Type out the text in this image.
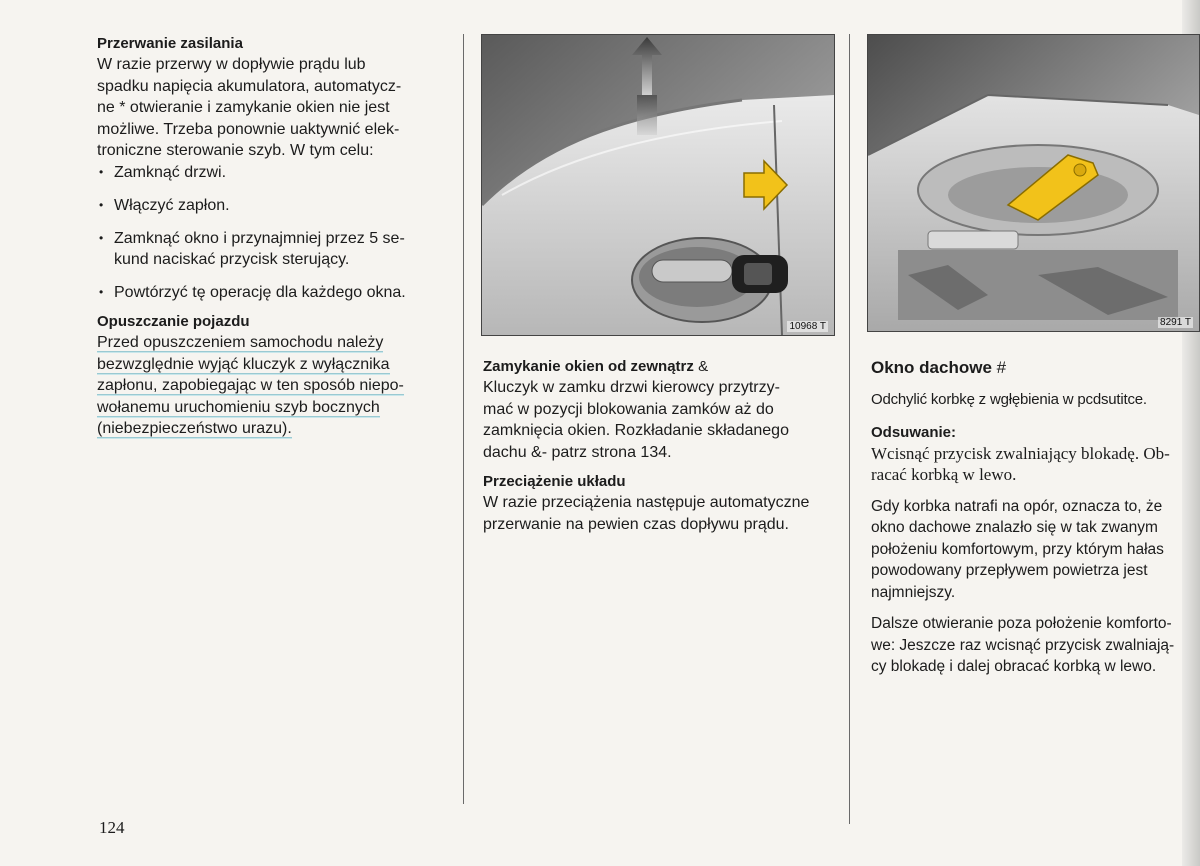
Przerwanie zasilania
W razie przerwy w dopływie prądu lub
spadku napięcia akumulatora, automatycz-
ne * otwieranie i zamykanie okien nie jest
możliwe. Trzeba ponownie uaktywnić elek-
troniczne sterowanie szyb. W tym celu:
• Zamknąć drzwi.
• Włączyć zapłon.
• Zamknąć okno i przynajmniej przez 5 se-
kund naciskać przycisk sterujący.
• Powtórzyć tę operację dla każdego okna.
Opuszczanie pojazdu
Przed opuszczeniem samochodu należy
bezwzględnie wyjąć kluczyk z wyłącznika
zapłonu, zapobiegając w ten sposób niepo-
wołanemu uruchomieniu szyb bocznych
(niebezpieczeństwo urazu).
10968 T	8291 T
Zamykanie okien od zewnątrz &
Kluczyk w zamku drzwi kierowcy przytrzy-
mać w pozycji blokowania zamków aż do
zamknięcia okien. Rozkładanie składanego
dachu &- patrz strona 134.
Przeciążenie układu
W razie przeciążenia następuje automatyczne
przerwanie na pewien czas dopływu prądu.
Okno dachowe #
Odchylić korbkę z wgłębienia w pcdsutitce.
Odsuwanie:
Wcisnąć przycisk zwalniający blokadę. Ob-
racać korbką w lewo.
Gdy korbka natrafi na opór, oznacza to, że
okno dachowe znalazło się w tak zwanym
położeniu komfortowym, przy którym hałas
powodowany przepływem powietrza jest
najmniejszy.
Dalsze otwieranie poza położenie komforto-
we: Jeszcze raz wcisnąć przycisk zwalniają-
cy blokadę i dalej obracać korbką w lewo.
124
